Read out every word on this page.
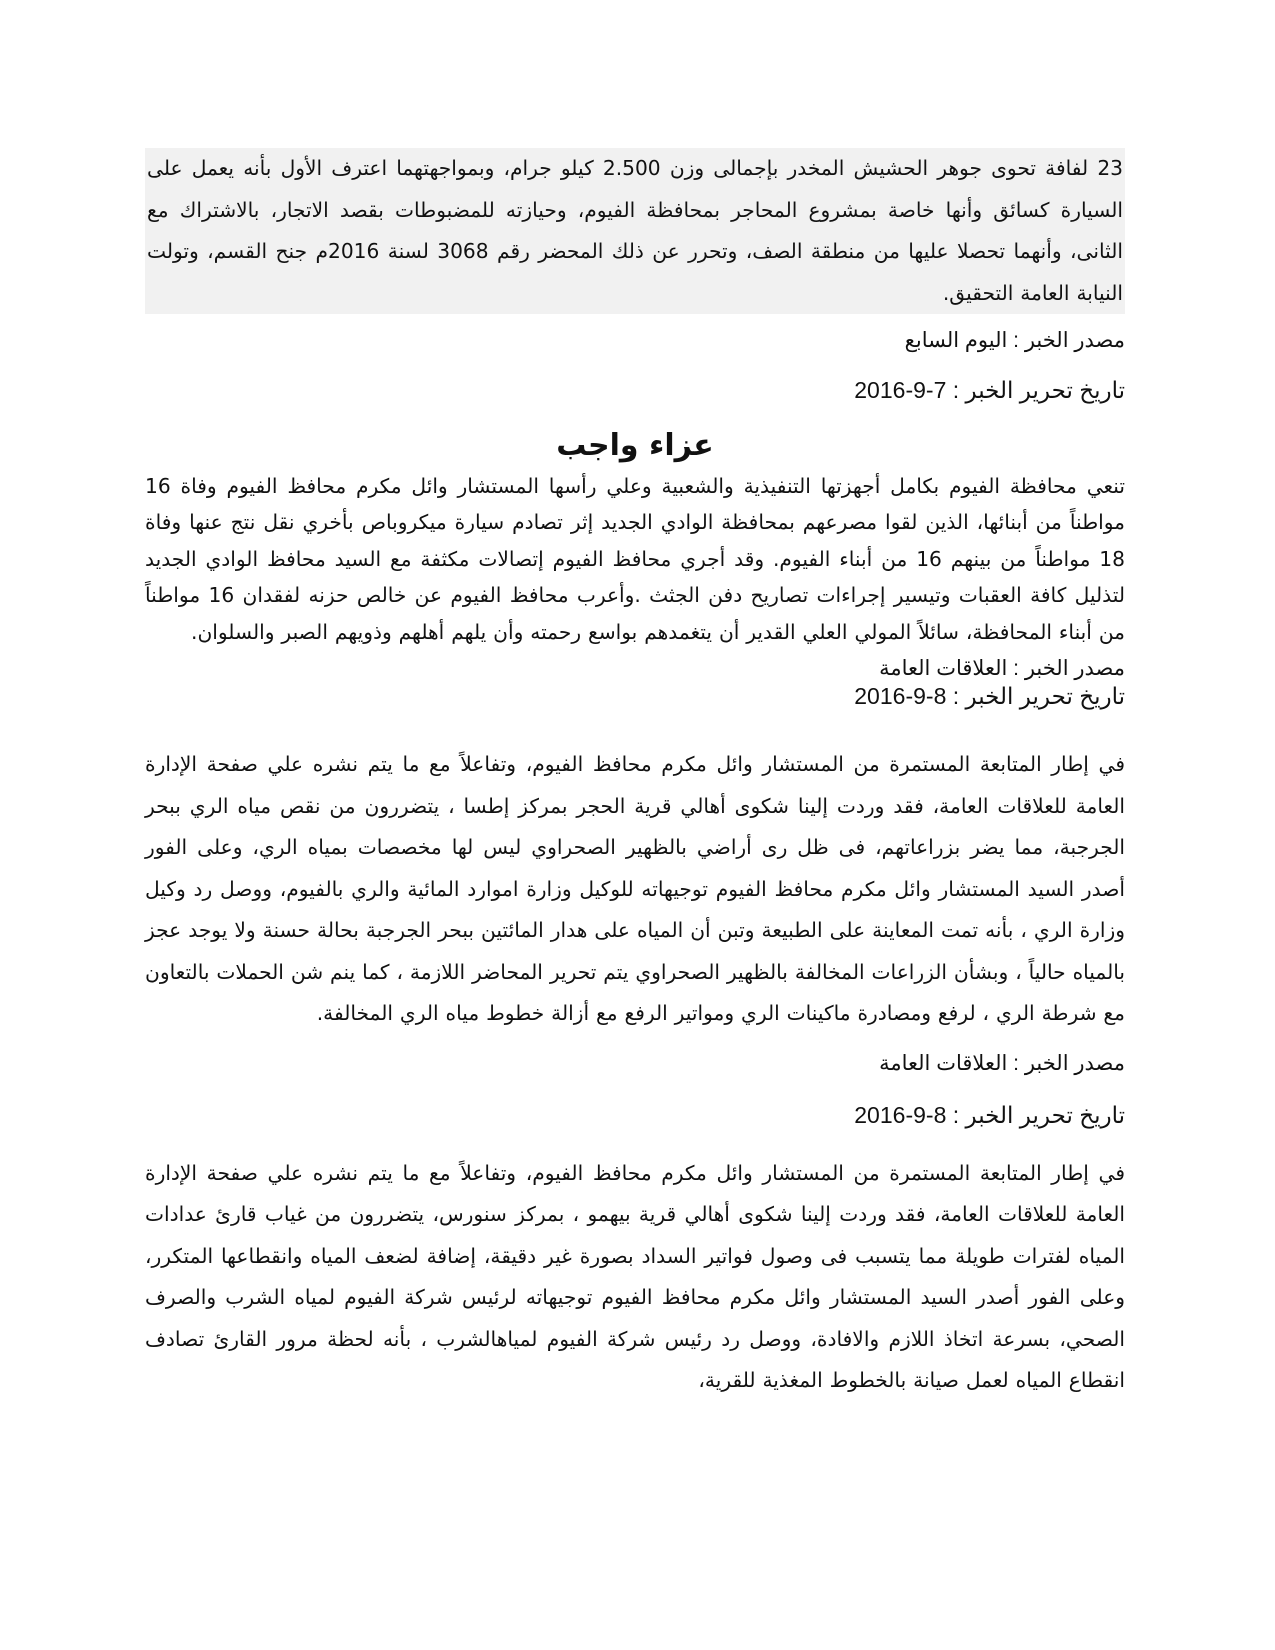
23 لفافة تحوى جوهر الحشيش المخدر بإجمالى وزن 2.500 كيلو جرام، وبمواجهتهما اعترف الأول بأنه يعمل على السيارة كسائق وأنها خاصة بمشروع المحاجر بمحافظة الفيوم، وحيازته للمضبوطات بقصد الاتجار، بالاشتراك مع الثانى، وأنهما تحصلا عليها من منطقة الصف، وتحرر عن ذلك المحضر رقم 3068 لسنة 2016م جنح القسم، وتولت النيابة العامة التحقيق.

مصدر الخبر : اليوم السابع

تاريخ تحرير الخبر : 7-9-2016

عزاء واجب

تنعي محافظة الفيوم بكامل أجهزتها التنفيذية والشعبية وعلي رأسها المستشار وائل مكرم محافظ الفيوم وفاة 16 مواطناً من أبنائها، الذين لقوا مصرعهم بمحافظة الوادي الجديد إثر تصادم سيارة ميكروباص بأخري نقل نتج عنها وفاة 18 مواطناً من بينهم 16 من أبناء الفيوم. وقد أجري محافظ الفيوم إتصالات مكثفة مع السيد محافظ الوادي الجديد لتذليل كافة العقبات وتيسير إجراءات تصاريح دفن الجثث .وأعرب محافظ الفيوم عن خالص حزنه لفقدان 16 مواطناً من أبناء المحافظة، سائلاً المولي العلي القدير أن يتغمدهم بواسع رحمته وأن يلهم أهلهم وذويهم الصبر والسلوان.

مصدر الخبر : العلاقات العامة

تاريخ تحرير الخبر : 8-9-2016

في إطار المتابعة المستمرة من المستشار وائل مكرم محافظ الفيوم، وتفاعلاً مع ما يتم نشره علي صفحة الإدارة العامة للعلاقات العامة، فقد وردت إلينا شكوى أهالي قرية الحجر بمركز إطسا ، يتضررون من نقص مياه الري ببحر الجرجبة، مما يضر بزراعاتهم، فى ظل رى أراضي بالظهير الصحراوي ليس لها مخصصات بمياه الري، وعلى الفور أصدر السيد المستشار وائل مكرم محافظ الفيوم توجيهاته للوكيل وزارة اموارد المائية والري بالفيوم، ووصل رد وكيل وزارة الري ، بأنه تمت المعاينة على الطبيعة وتبن أن المياه على هدار المائتين ببحر الجرجبة بحالة حسنة ولا يوجد عجز بالمياه حالياً ، وبشأن الزراعات المخالفة بالظهير الصحراوي يتم تحرير المحاضر اللازمة ، كما ينم شن الحملات بالتعاون مع شرطة الري ، لرفع ومصادرة ماكينات الري ومواتير الرفع مع أزالة خطوط مياه الري المخالفة.

مصدر الخبر : العلاقات العامة

تاريخ تحرير الخبر : 8-9-2016

في إطار المتابعة المستمرة من المستشار وائل مكرم محافظ الفيوم، وتفاعلاً مع ما يتم نشره علي صفحة الإدارة العامة للعلاقات العامة، فقد وردت إلينا شكوى أهالي قرية بيهمو ، بمركز سنورس، يتضررون من غياب قارئ عدادات المياه لفترات طويلة مما يتسبب فى وصول فواتير السداد بصورة غير دقيقة، إضافة لضعف المياه وانقطاعها المتكرر، وعلى الفور أصدر السيد المستشار وائل مكرم محافظ الفيوم توجيهاته لرئيس شركة الفيوم لمياه الشرب والصرف الصحي، بسرعة اتخاذ اللازم والافادة، ووصل رد رئيس شركة الفيوم لمياهالشرب ، بأنه لحظة مرور القارئ تصادف انقطاع المياه لعمل صيانة بالخطوط المغذية للقرية،
